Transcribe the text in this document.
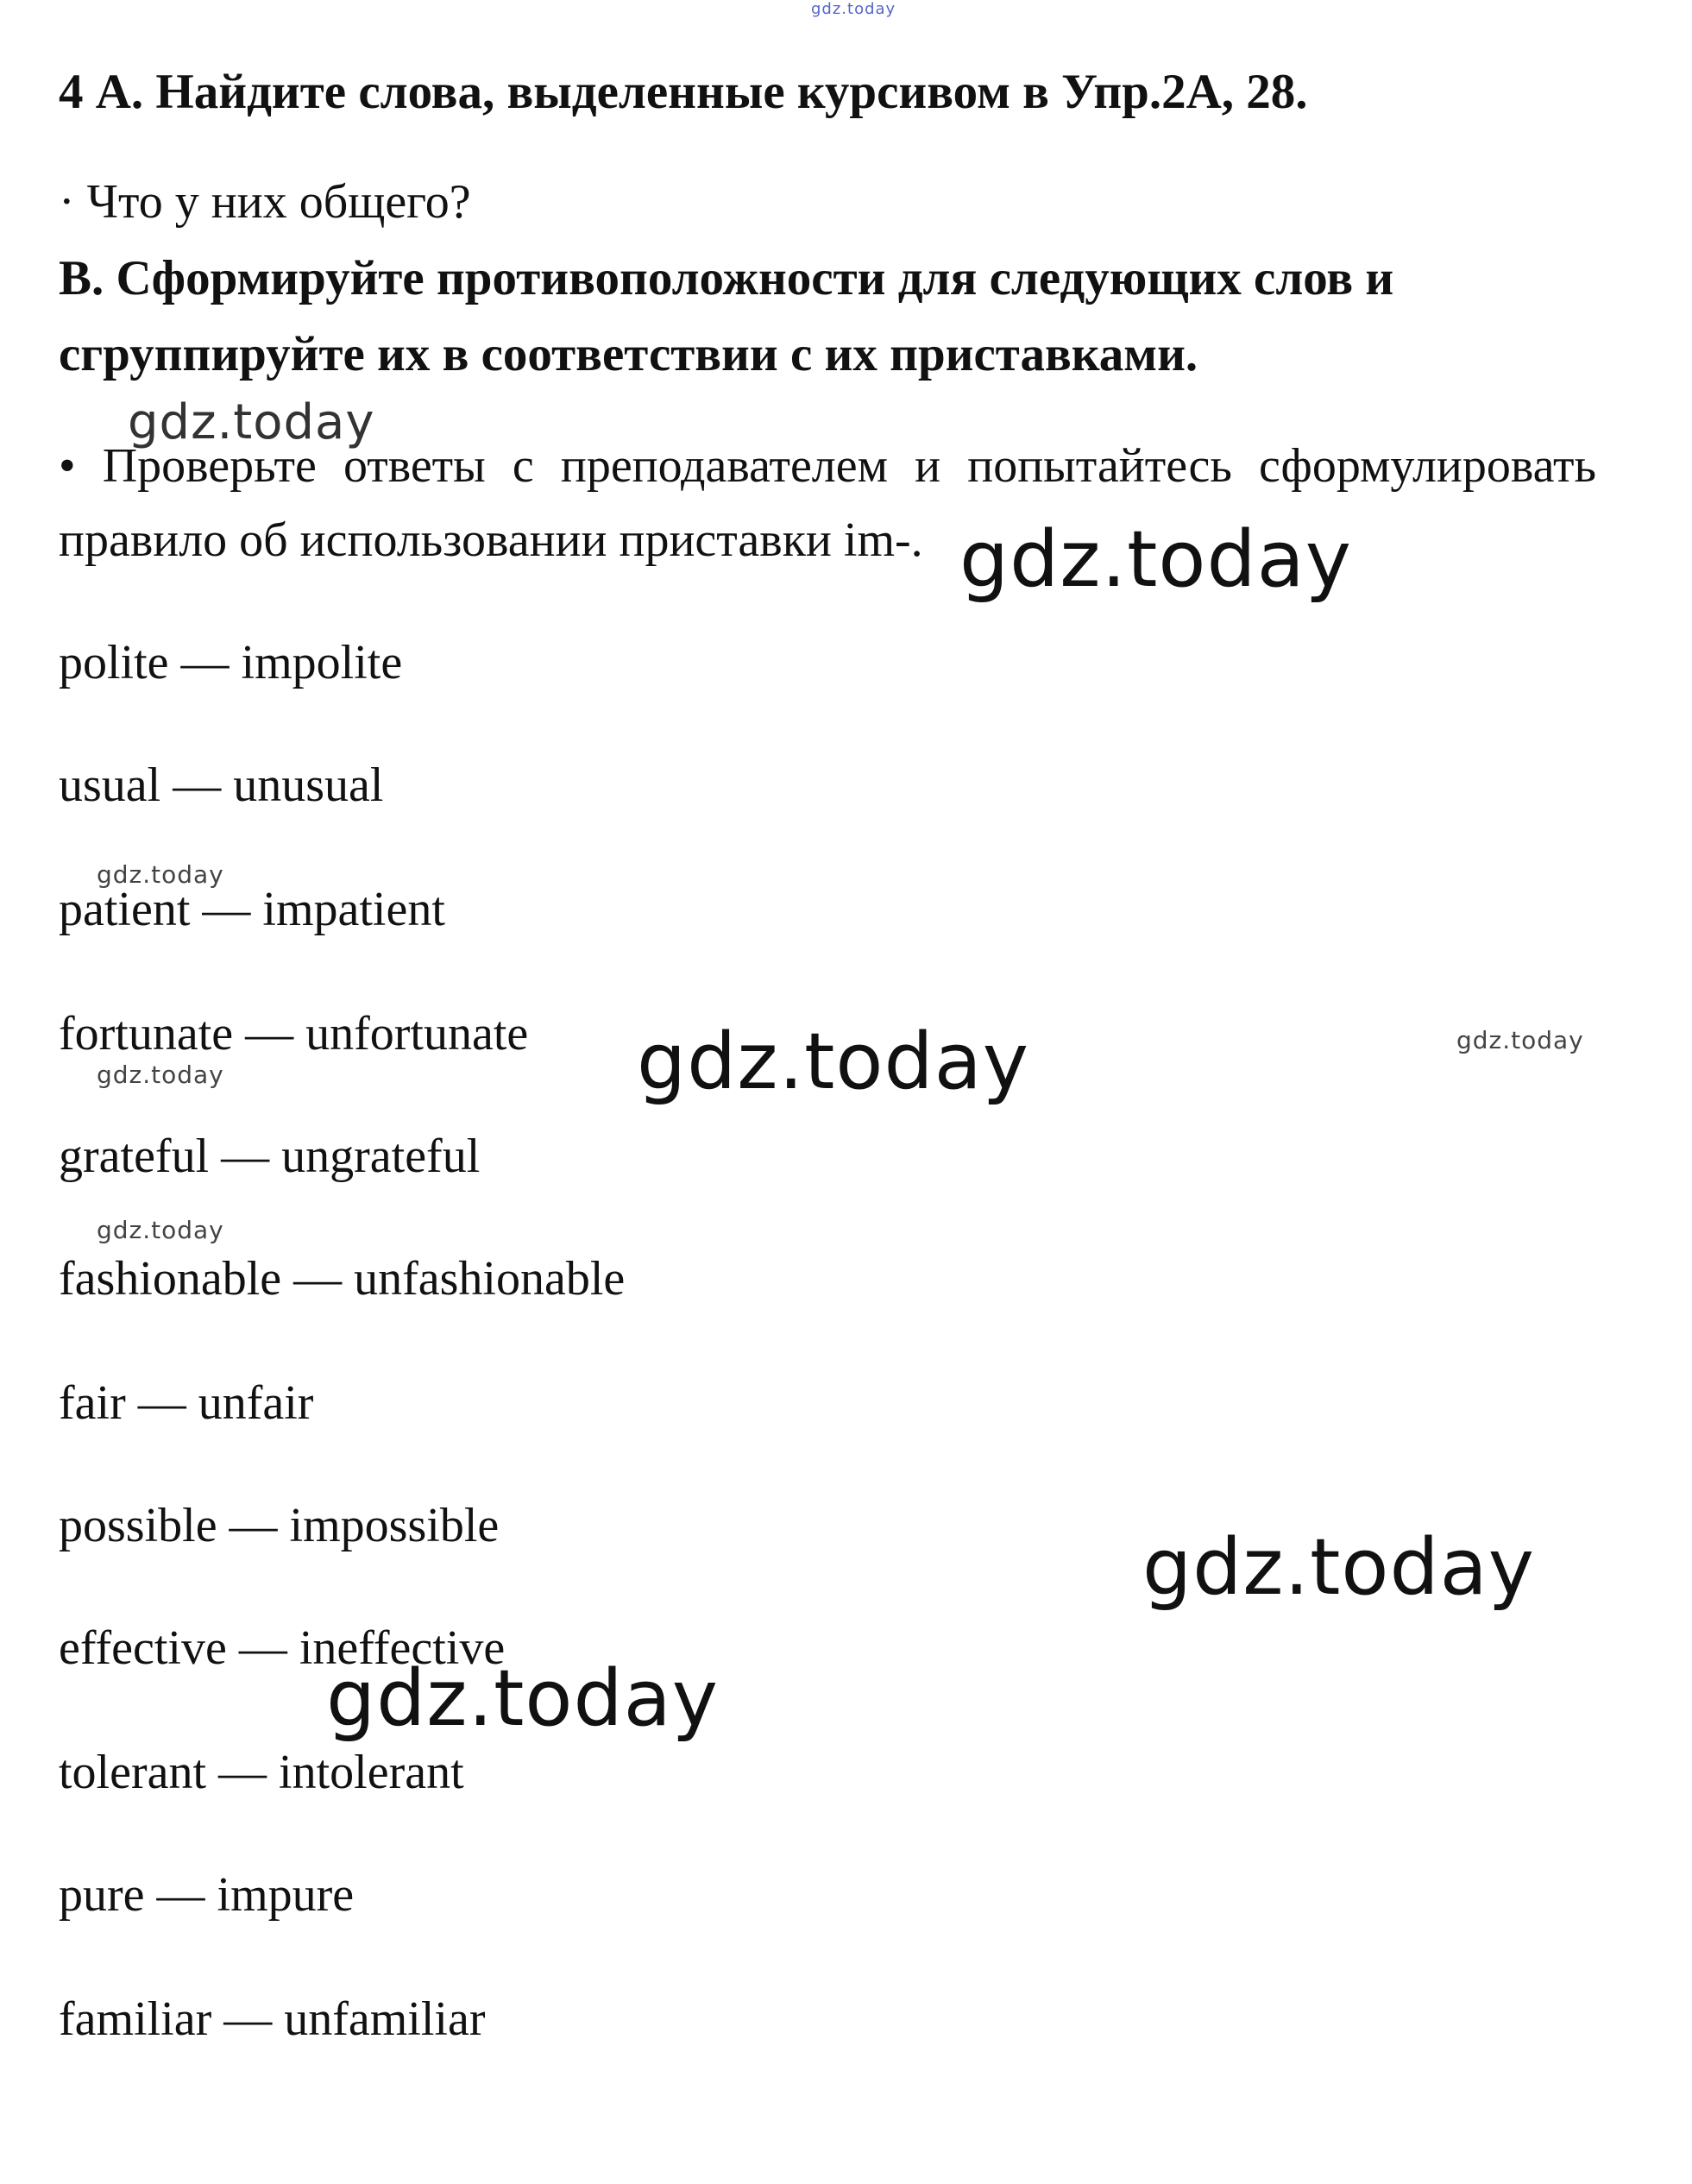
gdz.today
4 А. Найдите слова, выделенные курсивом в Упр.2А, 28.
· Что у них общего?
В. Сформируйте противоположности для следующих слов и
сгруппируйте их в соответствии с их приставками.
gdz.today
• Проверьте ответы с преподавателем и попытайтесь сформулировать
правило об использовании приставки im-. gdz.today
polite — impolite
usual — unusual
gdz.today
patient — impatient
fortunate — unfortunate gdz.today	gdz.today
gdz.today
grateful — ungrateful
gdz.today
fashionable — unfashionable
fair — unfair
possible — impossible	gdz.today
effective — ineffective
gdz.today
tolerant — intolerant
pure — impure
familiar — unfamiliar
